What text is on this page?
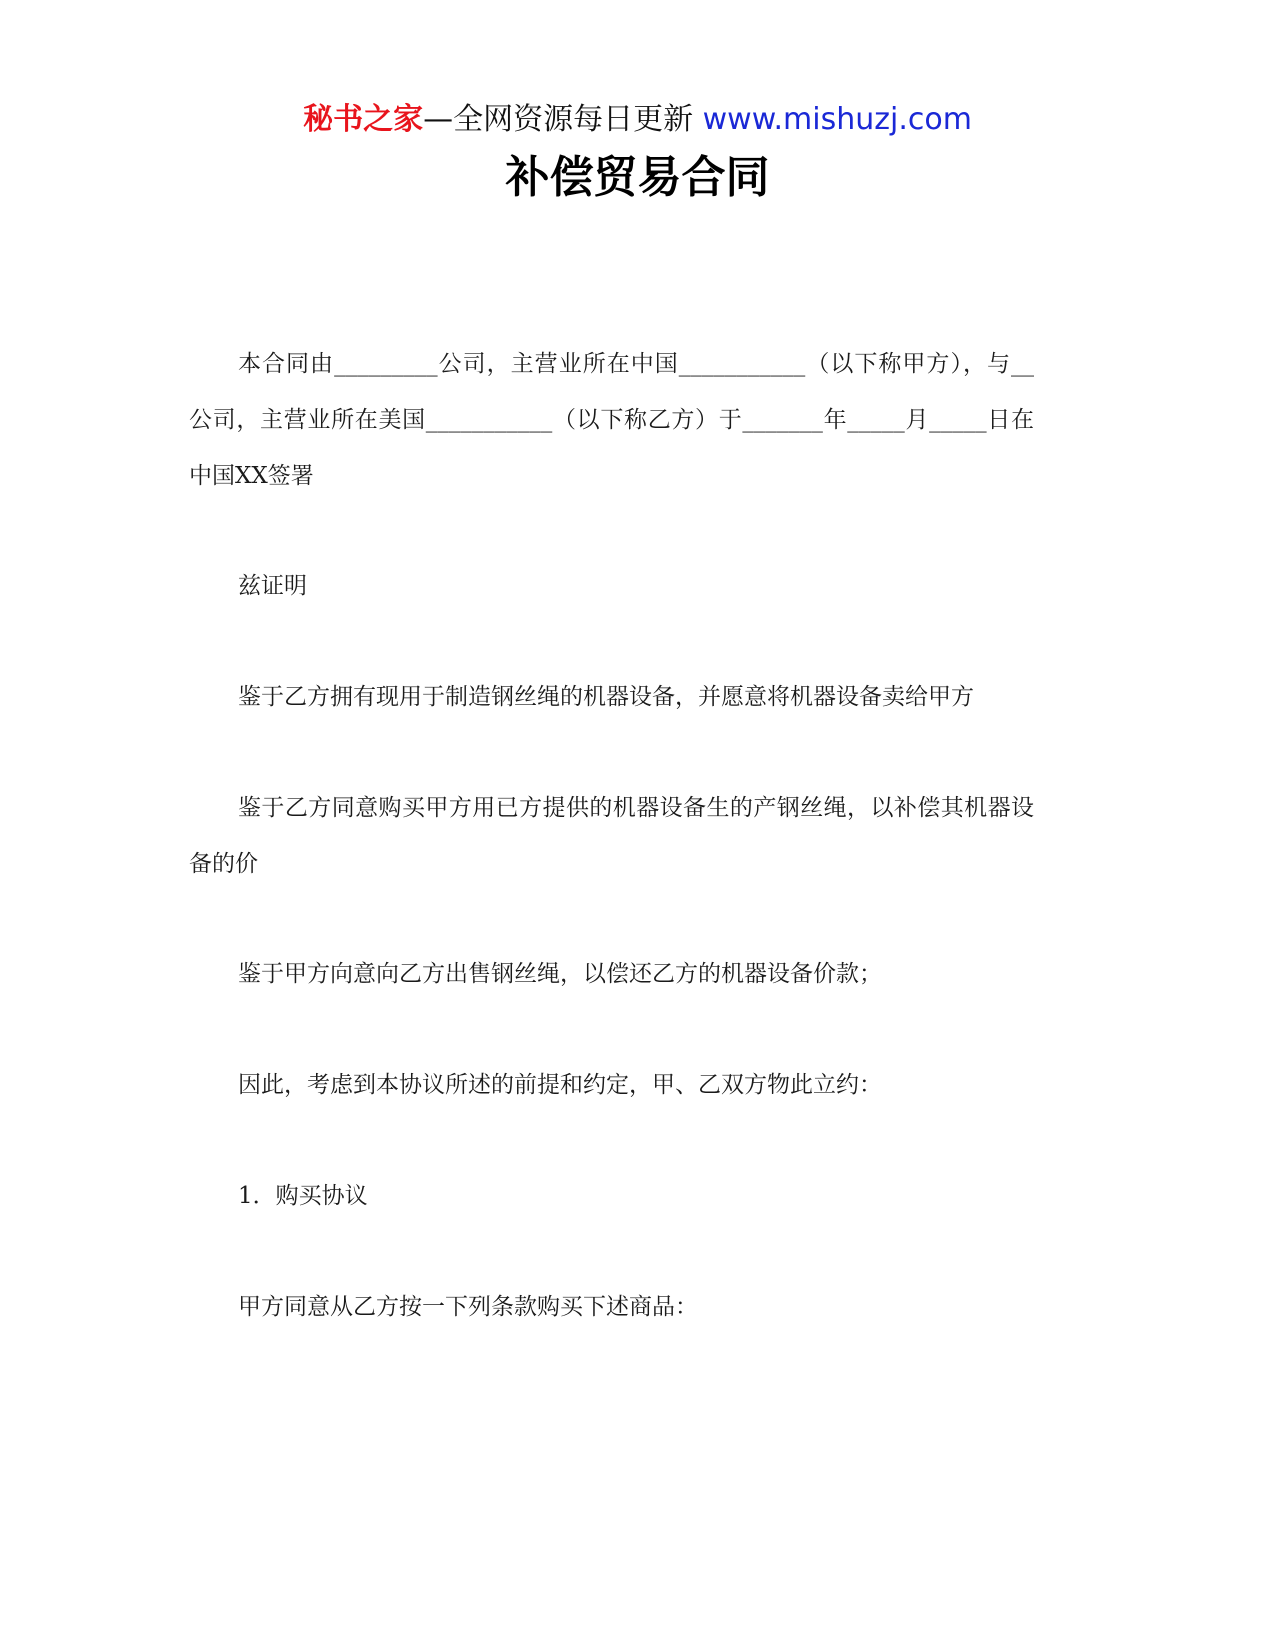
秘书之家—全网资源每日更新 www.mishuzj.com
补偿贸易合同
本合同由_________公司，主营业所在中国___________（以下称甲方），与__
公司，主营业所在美国___________（以下称乙方）于_______年_____月_____日在
中国XX签署
兹证明
鉴于乙方拥有现用于制造钢丝绳的机器设备，并愿意将机器设备卖给甲方
鉴于乙方同意购买甲方用已方提供的机器设备生的产钢丝绳，以补偿其机器设
备的价
鉴于甲方向意向乙方出售钢丝绳，以偿还乙方的机器设备价款；
因此，考虑到本协议所述的前提和约定，甲、乙双方物此立约：
1．购买协议
甲方同意从乙方按一下列条款购买下述商品：
